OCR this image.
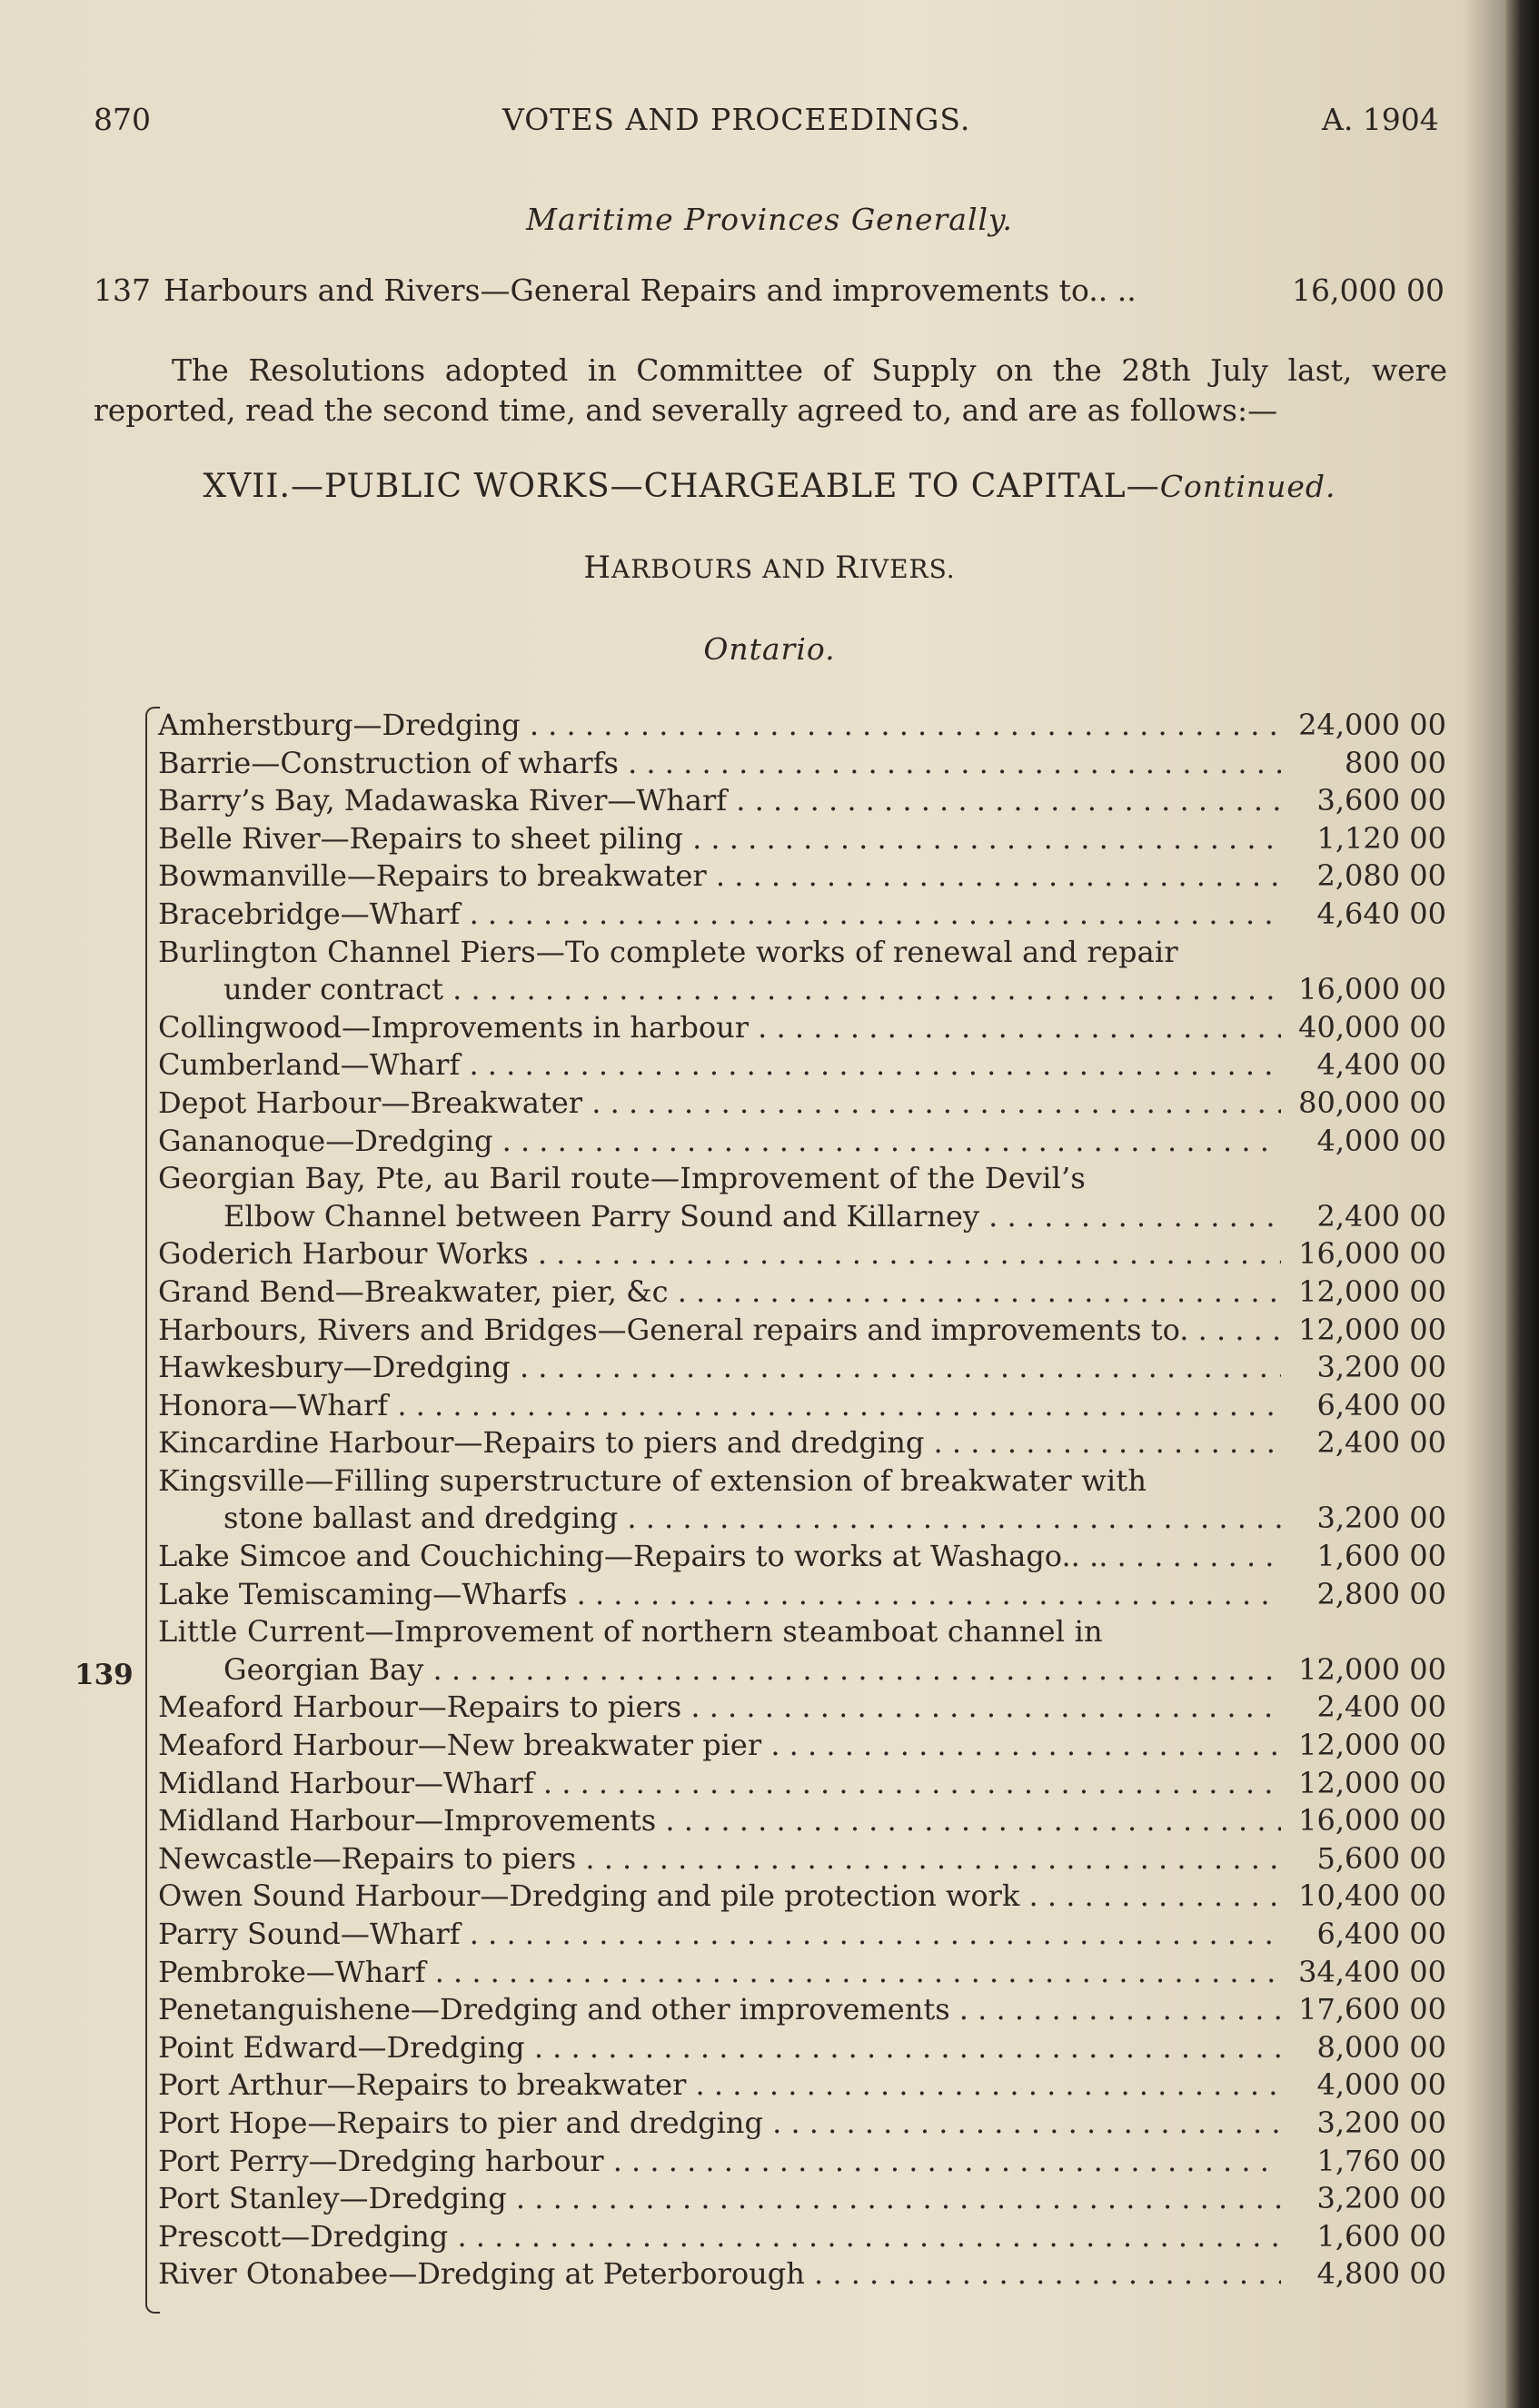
870	VOTES AND PROCEEDINGS.	A. 1904
Maritime Provinces Generally.
137 Harbours and Rivers—General Repairs and improvements to.. ..	16,000 00
The Resolutions adopted in Committee of Supply on the 28th July last, were reported, read the second time, and severally agreed to, and are as follows:—
XVII.—PUBLIC WORKS—CHARGEABLE TO CAPITAL—Continued.
HARBOURS AND RIVERS.
Ontario.
139
Amherstburg—Dredging . . .	24,000 00
Barrie—Construction of wharfs . . .	800 00
Barry’s Bay, Madawaska River—Wharf . . .	3,600 00
Belle River—Repairs to sheet piling . . .	1,120 00
Bowmanville—Repairs to breakwater . . .	2,080 00
Bracebridge—Wharf . . .	4,640 00
Burlington Channel Piers—To complete works of renewal and repair
under contract . . .	16,000 00
Collingwood—Improvements in harbour . . .	40,000 00
Cumberland—Wharf . . .	4,400 00
Depot Harbour—Breakwater . . .	80,000 00
Gananoque—Dredging . . .	4,000 00
Georgian Bay, Pte, au Baril route—Improvement of the Devil’s
Elbow Channel between Parry Sound and Killarney . . .	2,400 00
Goderich Harbour Works . . .	16,000 00
Grand Bend—Breakwater, pier, &c . . .	12,000 00
Harbours, Rivers and Bridges—General repairs and improvements to. . . .	12,000 00
Hawkesbury—Dredging . . .	3,200 00
Honora—Wharf . . .	6,400 00
Kincardine Harbour—Repairs to piers and dredging . . .	2,400 00
Kingsville—Filling superstructure of extension of breakwater with
stone ballast and dredging . . .	3,200 00
Lake Simcoe and Couchiching—Repairs to works at Washago.. .. . . .	1,600 00
Lake Temiscaming—Wharfs . . .	2,800 00
Little Current—Improvement of northern steamboat channel in
Georgian Bay . . .	12,000 00
Meaford Harbour—Repairs to piers . . .	2,400 00
Meaford Harbour—New breakwater pier . . .	12,000 00
Midland Harbour—Wharf . . .	12,000 00
Midland Harbour—Improvements . . .	16,000 00
Newcastle—Repairs to piers . . .	5,600 00
Owen Sound Harbour—Dredging and pile protection work . . .	10,400 00
Parry Sound—Wharf . . .	6,400 00
Pembroke—Wharf . . .	34,400 00
Penetanguishene—Dredging and other improvements . . .	17,600 00
Point Edward—Dredging . . .	8,000 00
Port Arthur—Repairs to breakwater . . .	4,000 00
Port Hope—Repairs to pier and dredging . . .	3,200 00
Port Perry—Dredging harbour . . .	1,760 00
Port Stanley—Dredging . . .	3,200 00
Prescott—Dredging . . .	1,600 00
River Otonabee—Dredging at Peterborough . . .	4,800 00
